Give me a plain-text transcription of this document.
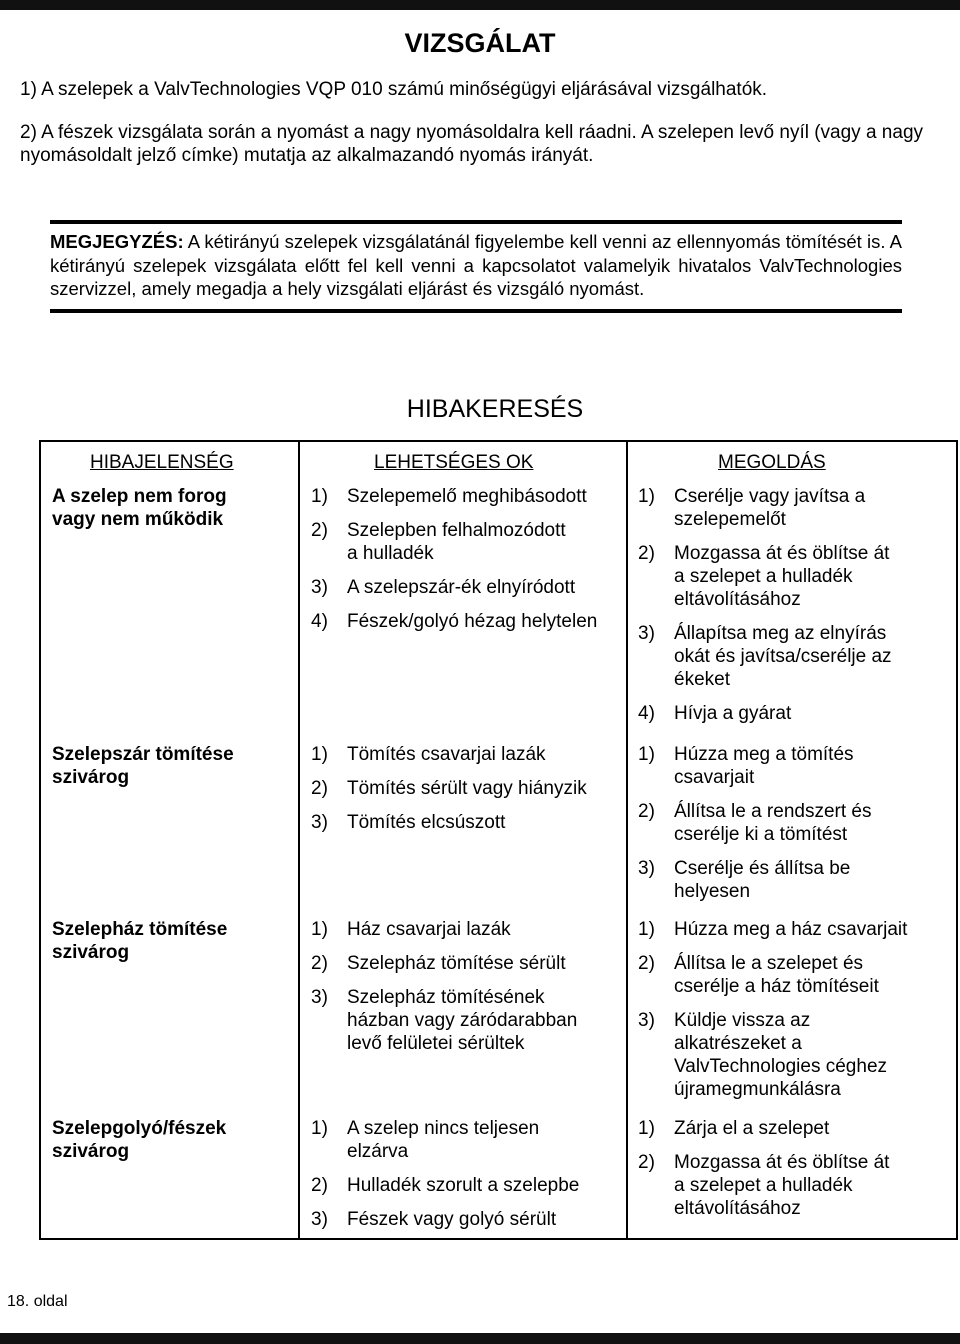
VIZSGÁLAT

1) A szelepek a ValvTechnologies VQP 010 számú minőségügyi eljárásával vizsgálhatók.

2) A fészek vizsgálata során a nyomást a nagy nyomásoldalra kell ráadni. A szelepen levő nyíl (vagy a nagy nyomásoldalt jelző címke) mutatja az alkalmazandó nyomás irányát.

MEGJEGYZÉS: A kétirányú szelepek vizsgálatánál figyelembe kell venni az ellennyomás tömítését is. A kétirányú szelepek vizsgálata előtt fel kell venni a kapcsolatot valamelyik hivatalos ValvTechnologies szervizzel, amely megadja a hely vizsgálati eljárást és vizsgáló nyomást.

HIBAKERESÉS
HIBAJELENSÉG	LEHETSÉGES OK	MEGOLDÁS
A szelep nem forog vagy nem működik

1) Szelepemelő meghibásodott

2) Szelepben felhalmozódott a hulladék

3) A szelepszár-ék elnyíródott

4) Fészek/golyó hézag helytelen

1) Cserélje vagy javítsa a szelepemelőt

2) Mozgassa át és öblítse át a szelepet a hulladék eltávolításához

3) Állapítsa meg az elnyírás okát és javítsa/cserélje az ékeket

4) Hívja a gyárat

Szelepszár tömítése szivárog

1) Tömítés csavarjai lazák

2) Tömítés sérült vagy hiányzik

3) Tömítés elcsúszott

1) Húzza meg a tömítés csavarjait

2) Állítsa le a rendszert és cserélje ki a tömítést

3) Cserélje és állítsa be helyesen

Szelepház tömítése szivárog

1) Ház csavarjai lazák

2) Szelepház tömítése sérült

3) Szelepház tömítésének házban vagy záródarabban levő felületei sérültek

1) Húzza meg a ház csavarjait

2) Állítsa le a szelepet és cserélje a ház tömítéseit

3) Küldje vissza az alkatrészeket a ValvTechnologies céghez újramegmunkálásra

Szelepgolyó/fészek szivárog

1) A szelep nincs teljesen elzárva

2) Hulladék szorult a szelepbe

3) Fészek vagy golyó sérült

1) Zárja el a szelepet

2) Mozgassa át és öblítse át a szelepet a hulladék eltávolításához

18. oldal
